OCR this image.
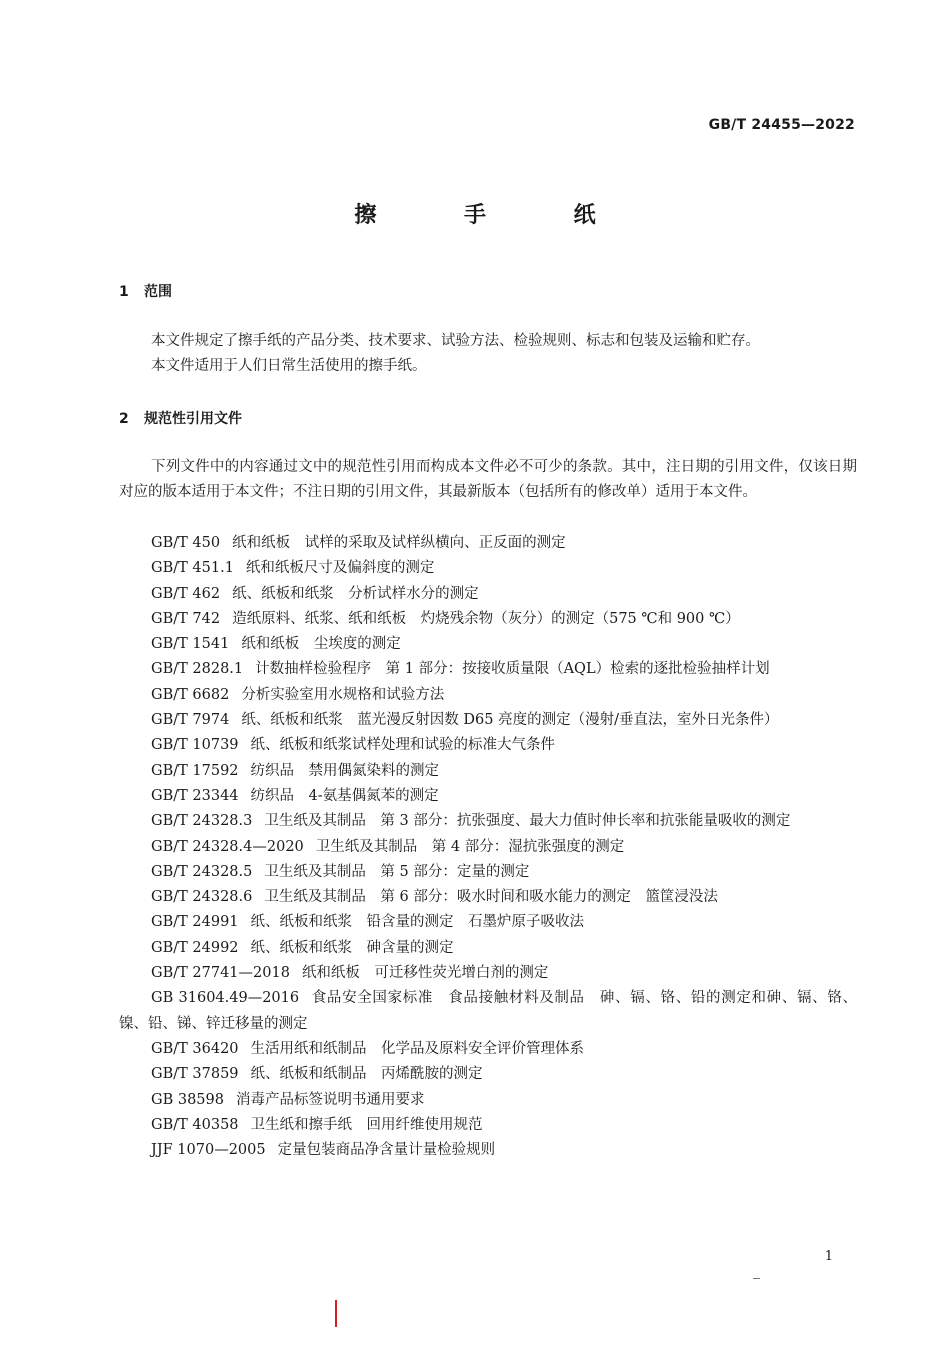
GB/T 24455—2022
擦 手 纸
1 范围

本文件规定了擦手纸的产品分类、技术要求、试验方法、检验规则、标志和包装及运输和贮存。

本文件适用于人们日常生活使用的擦手纸。

2 规范性引用文件

下列文件中的内容通过文中的规范性引用而构成本文件必不可少的条款。其中，注日期的引用文件，仅该日期对应的版本适用于本文件；不注日期的引用文件，其最新版本（包括所有的修改单）适用于本文件。

GB/T 450 纸和纸板　试样的采取及试样纵横向、正反面的测定

GB/T 451.1 纸和纸板尺寸及偏斜度的测定

GB/T 462 纸、纸板和纸浆　分析试样水分的测定

GB/T 742 造纸原料、纸浆、纸和纸板　灼烧残余物（灰分）的测定（575 ℃和 900 ℃）

GB/T 1541 纸和纸板　尘埃度的测定

GB/T 2828.1 计数抽样检验程序　第 1 部分：按接收质量限（AQL）检索的逐批检验抽样计划

GB/T 6682 分析实验室用水规格和试验方法

GB/T 7974 纸、纸板和纸浆　蓝光漫反射因数 D65 亮度的测定（漫射/垂直法，室外日光条件）

GB/T 10739 纸、纸板和纸浆试样处理和试验的标准大气条件

GB/T 17592 纺织品　禁用偶氮染料的测定

GB/T 23344 纺织品　4-氨基偶氮苯的测定

GB/T 24328.3 卫生纸及其制品　第 3 部分：抗张强度、最大力值时伸长率和抗张能量吸收的测定

GB/T 24328.4—2020 卫生纸及其制品　第 4 部分：湿抗张强度的测定

GB/T 24328.5 卫生纸及其制品　第 5 部分：定量的测定

GB/T 24328.6 卫生纸及其制品　第 6 部分：吸水时间和吸水能力的测定　篮筐浸没法

GB/T 24991 纸、纸板和纸浆　铅含量的测定　石墨炉原子吸收法

GB/T 24992 纸、纸板和纸浆　砷含量的测定

GB/T 27741—2018 纸和纸板　可迁移性荧光增白剂的测定

GB 31604.49—2016 食品安全国家标准　食品接触材料及制品　砷、镉、铬、铅的测定和砷、镉、铬、镍、铅、锑、锌迁移量的测定

GB/T 36420 生活用纸和纸制品　化学品及原料安全评价管理体系

GB/T 37859 纸、纸板和纸制品　丙烯酰胺的测定

GB 38598 消毒产品标签说明书通用要求

GB/T 40358 卫生纸和擦手纸　回用纤维使用规范

JJF 1070—2005 定量包装商品净含量计量检验规则

1
